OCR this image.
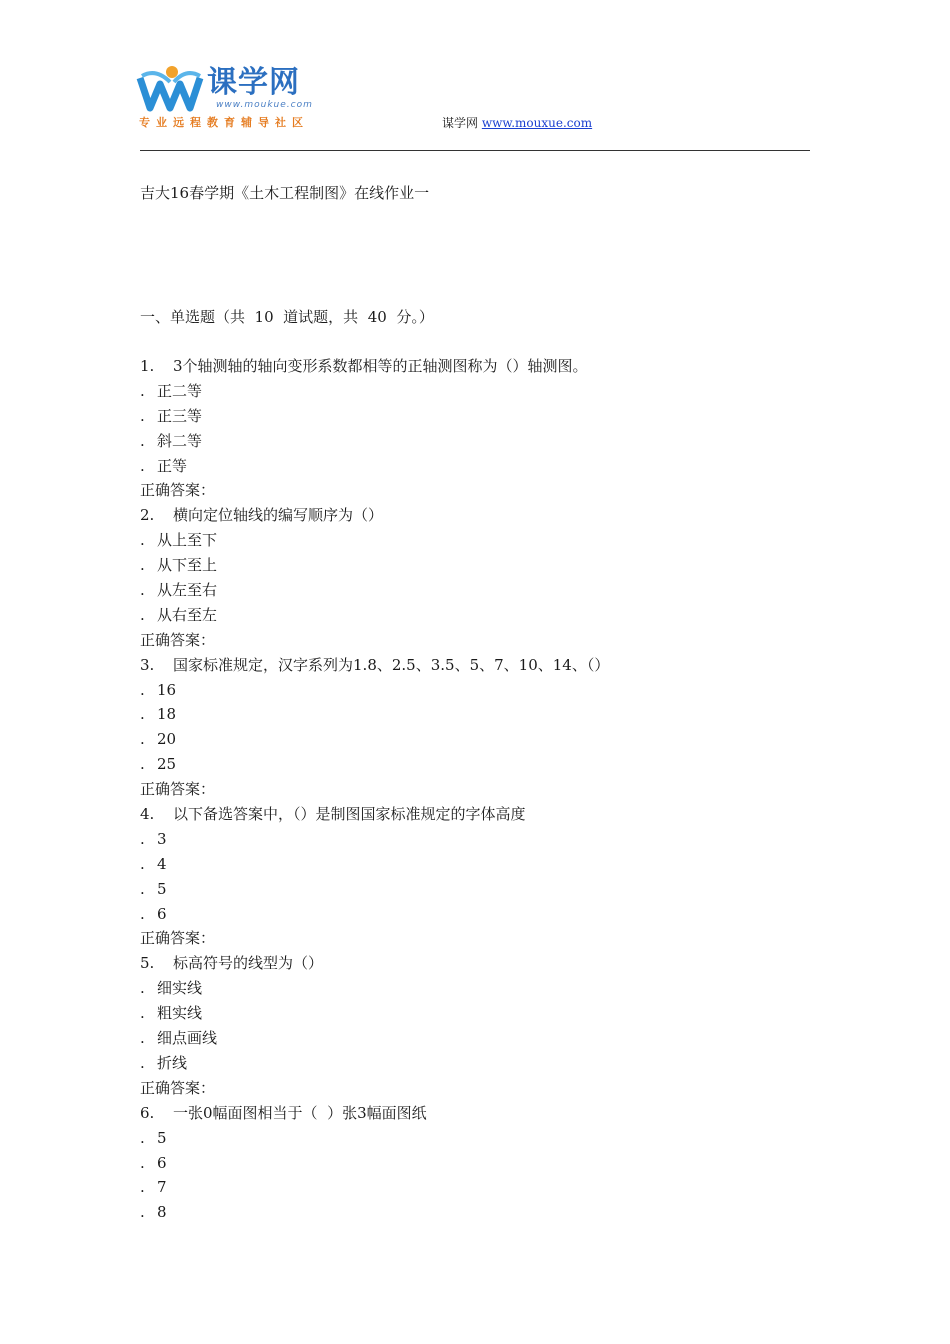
课学网
www.moukue.com
专业远程教育辅导社区	谋学网 www.mouxue.com
吉大16春学期《土木工程制图》在线作业一
一、单选题（共  10  道试题，共  40  分。）
1. 3个轴测轴的轴向变形系数都相等的正轴测图称为（）轴测图。
. 正二等
. 正三等
. 斜二等
. 正等
正确答案：
2. 横向定位轴线的编写顺序为（）
. 从上至下
. 从下至上
. 从左至右
. 从右至左
正确答案：
3. 国家标准规定，汉字系列为1.8、2.5、3.5、5、7、10、14、（）
. 16
. 18
. 20
. 25
正确答案：
4. 以下备选答案中，（）是制图国家标准规定的字体高度
. 3
. 4
. 5
. 6
正确答案：
5. 标高符号的线型为（）
. 细实线
. 粗实线
. 细点画线
. 折线
正确答案：
6. 一张0幅面图相当于（  ）张3幅面图纸
. 5
. 6
. 7
. 8
